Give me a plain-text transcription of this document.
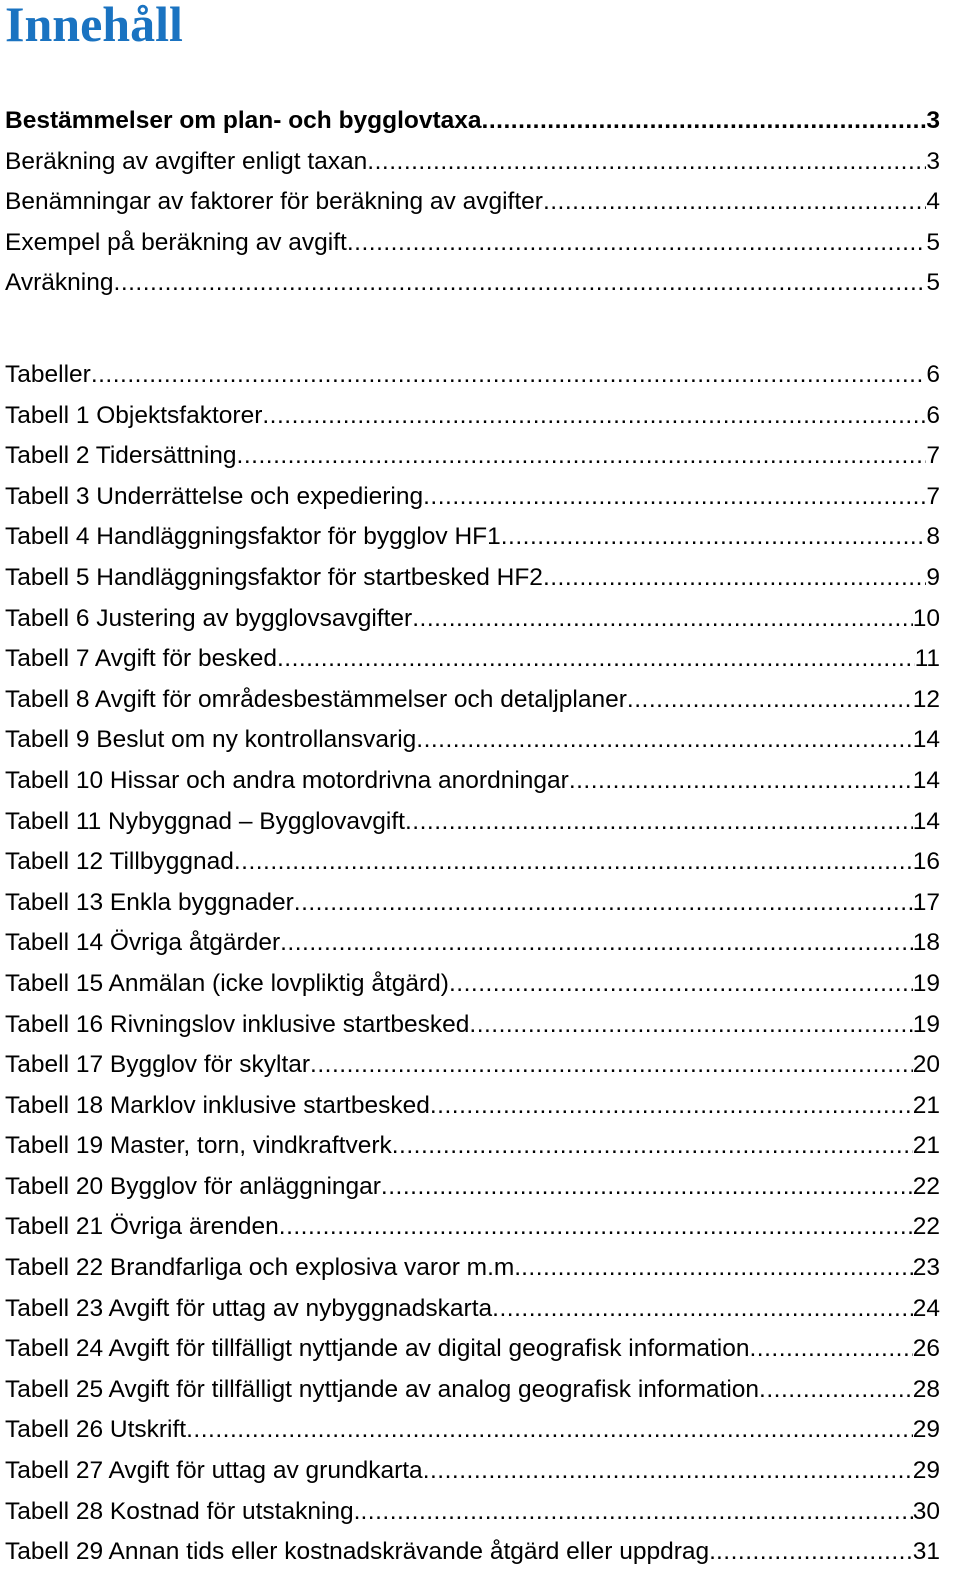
Innehåll
Bestämmelser om plan- och bygglovtaxa .....	3
Beräkning av avgifter enligt taxan .....	3
Benämningar av faktorer för beräkning av avgifter .....	4
Exempel på beräkning av avgift .....	5
Avräkning .....	5
Tabeller .....	6
Tabell 1 Objektsfaktorer .....	6
Tabell 2 Tidersättning .....	7
Tabell 3 Underrättelse och expediering .....	7
Tabell 4 Handläggningsfaktor för bygglov HF1 .....	8
Tabell 5 Handläggningsfaktor för startbesked HF2 .....	9
Tabell 6 Justering av bygglovsavgifter .....	10
Tabell 7 Avgift för besked .....	11
Tabell 8 Avgift för områdesbestämmelser och detaljplaner .....	12
Tabell 9 Beslut om ny kontrollansvarig .....	14
Tabell 10 Hissar och andra motordrivna anordningar .....	14
Tabell 11 Nybyggnad – Bygglovavgift .....	14
Tabell 12 Tillbyggnad .....	16
Tabell 13 Enkla byggnader .....	17
Tabell 14 Övriga åtgärder .....	18
Tabell 15 Anmälan (icke lovpliktig åtgärd) .....	19
Tabell 16 Rivningslov inklusive startbesked .....	19
Tabell 17 Bygglov för skyltar .....	20
Tabell 18 Marklov inklusive startbesked .....	21
Tabell 19 Master, torn, vindkraftverk .....	21
Tabell 20 Bygglov för anläggningar .....	22
Tabell 21 Övriga ärenden .....	22
Tabell 22 Brandfarliga och explosiva varor m.m. .....	23
Tabell 23 Avgift för uttag av nybyggnadskarta .....	24
Tabell 24 Avgift för tillfälligt nyttjande av digital geografisk information .....	26
Tabell 25 Avgift för tillfälligt nyttjande av analog geografisk information .....	28
Tabell 26 Utskrift .....	29
Tabell 27 Avgift för uttag av grundkarta .....	29
Tabell 28 Kostnad för utstakning. .....	30
Tabell 29 Annan tids eller kostnadskrävande åtgärd eller uppdrag. .....	31
